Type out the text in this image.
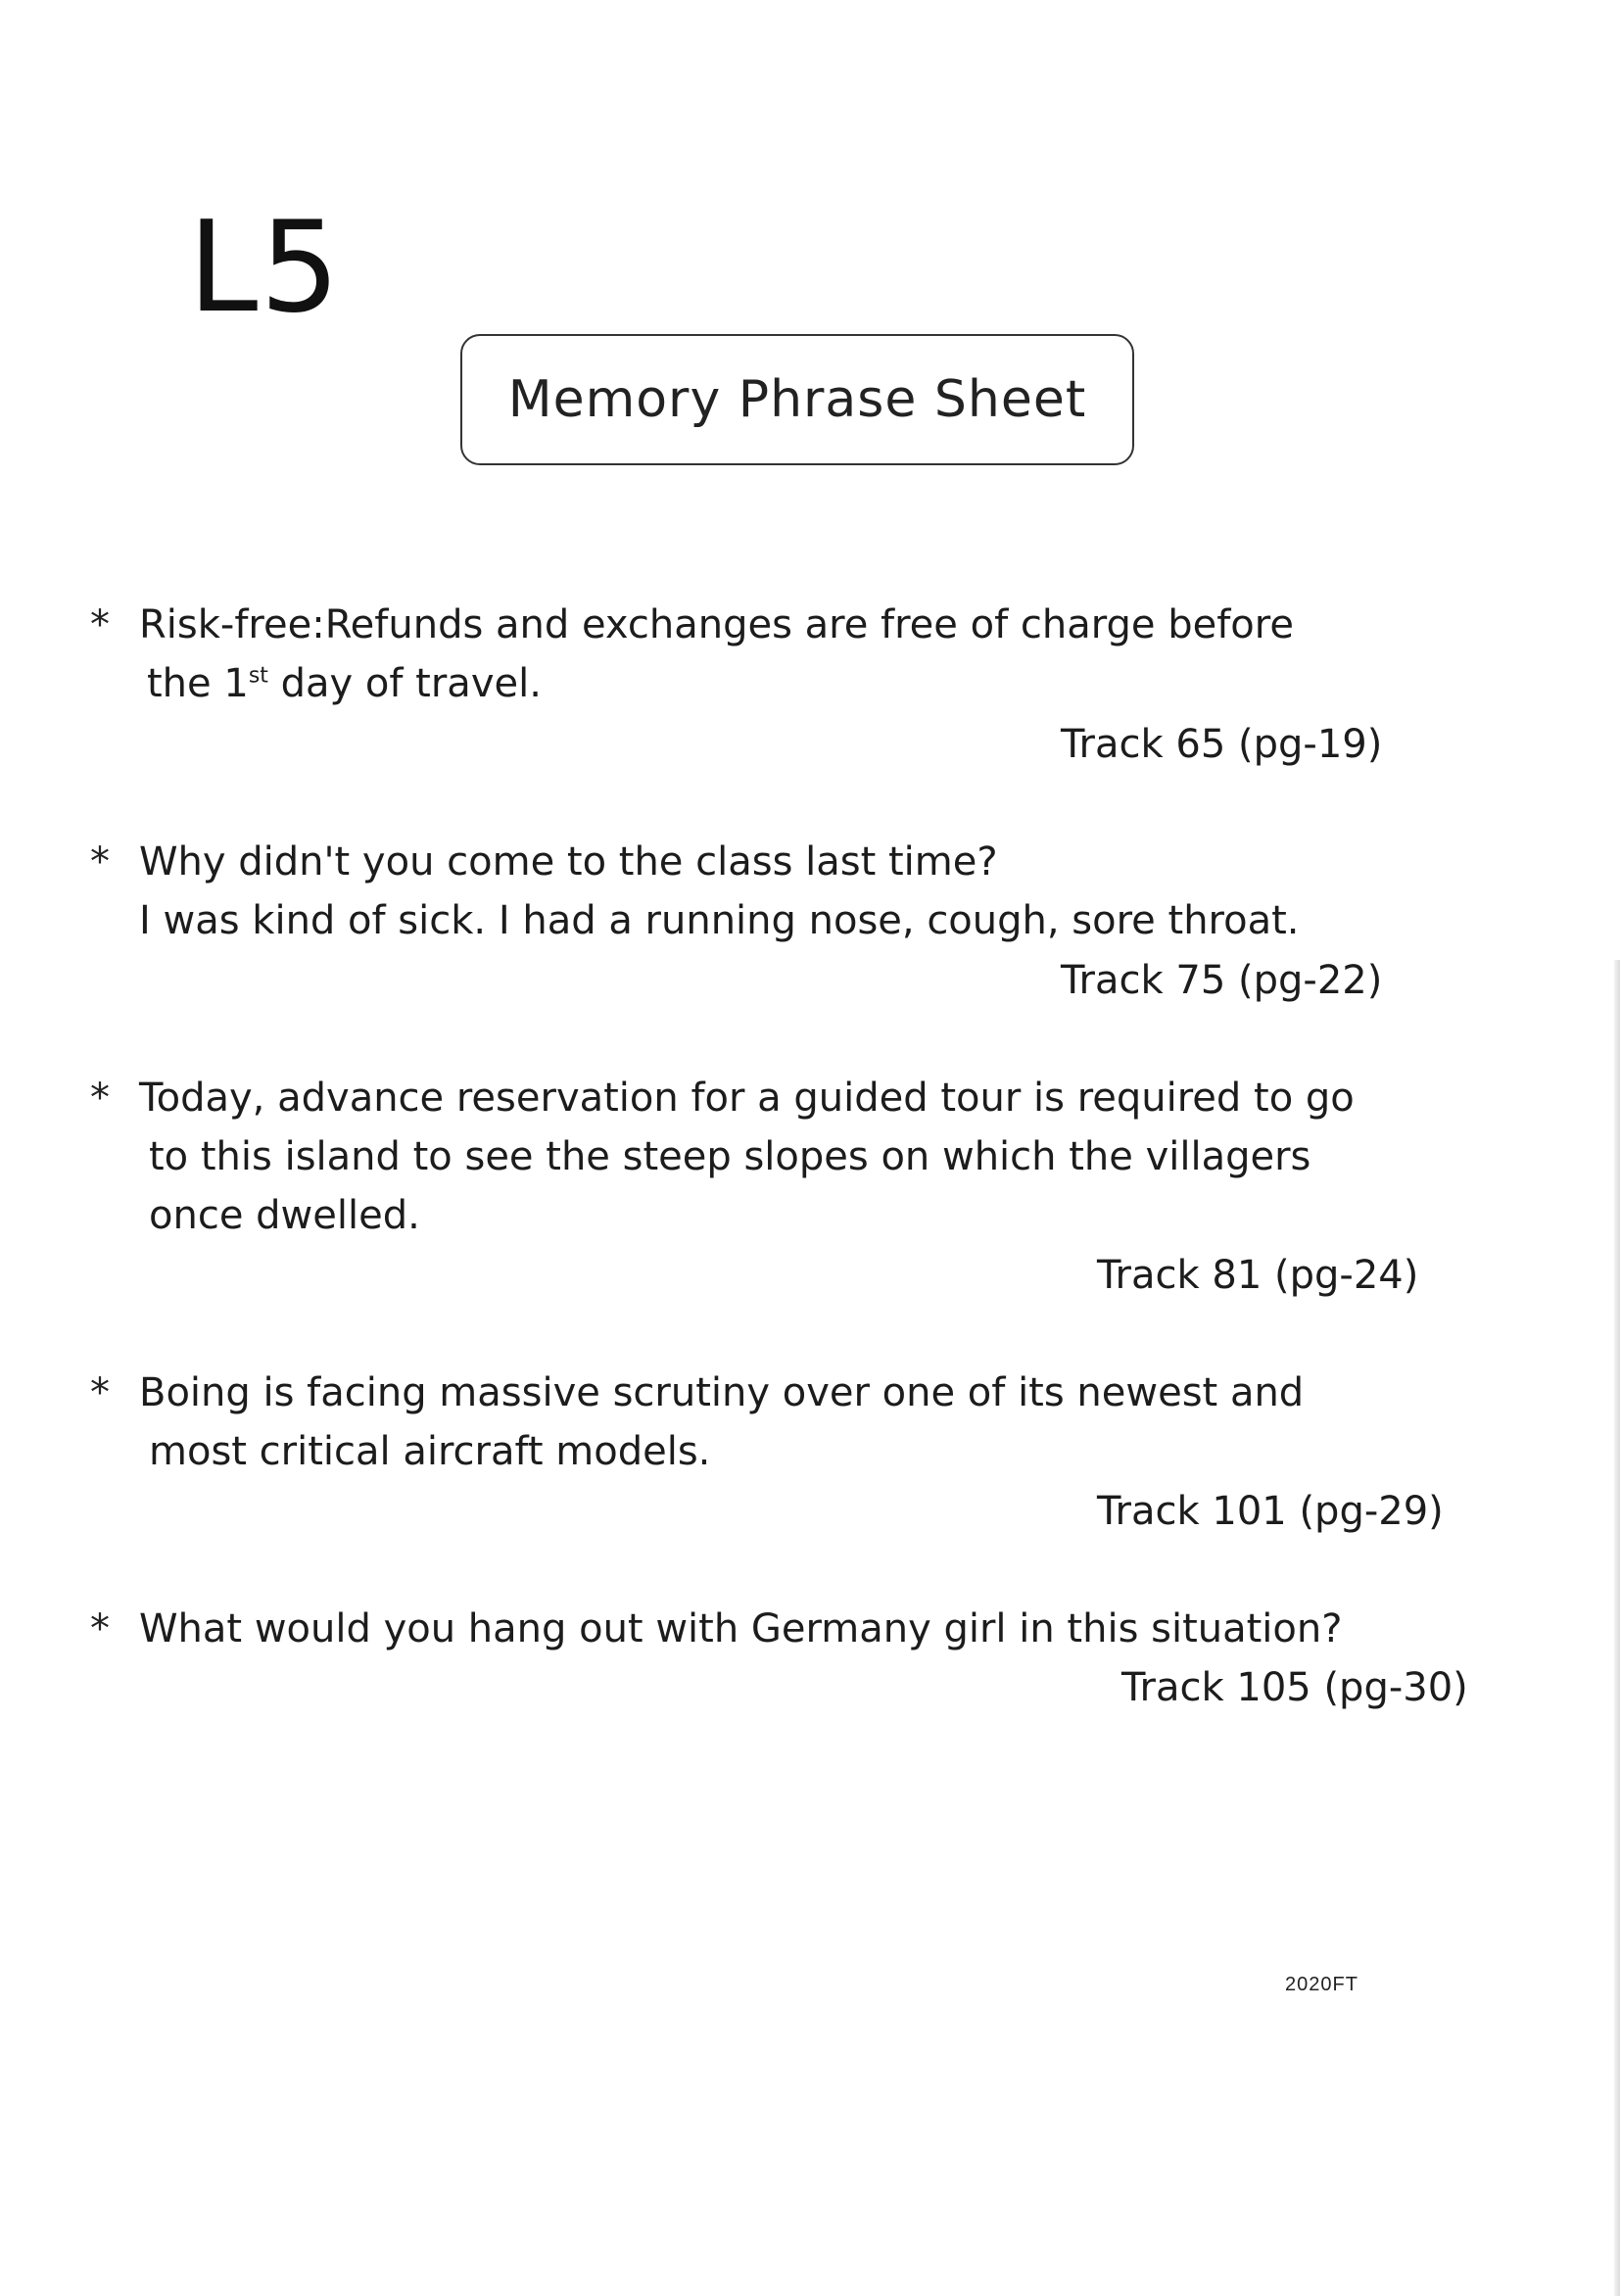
L5
Memory Phrase Sheet
* Risk-free:Refunds and exchanges are free of charge before
the 1st day of travel.
Track 65 (pg-19)
* Why didn't you come to the class last time?
I was kind of sick. I had a running nose, cough, sore throat.
Track 75 (pg-22)
* Today, advance reservation for a guided tour is required to go
to this island to see the steep slopes on which the villagers
once dwelled.
Track 81 (pg-24)
* Boing is facing massive scrutiny over one of its newest and
most critical aircraft models.
Track 101 (pg-29)
* What would you hang out with Germany girl in this situation?
Track 105 (pg-30)
2020FT
